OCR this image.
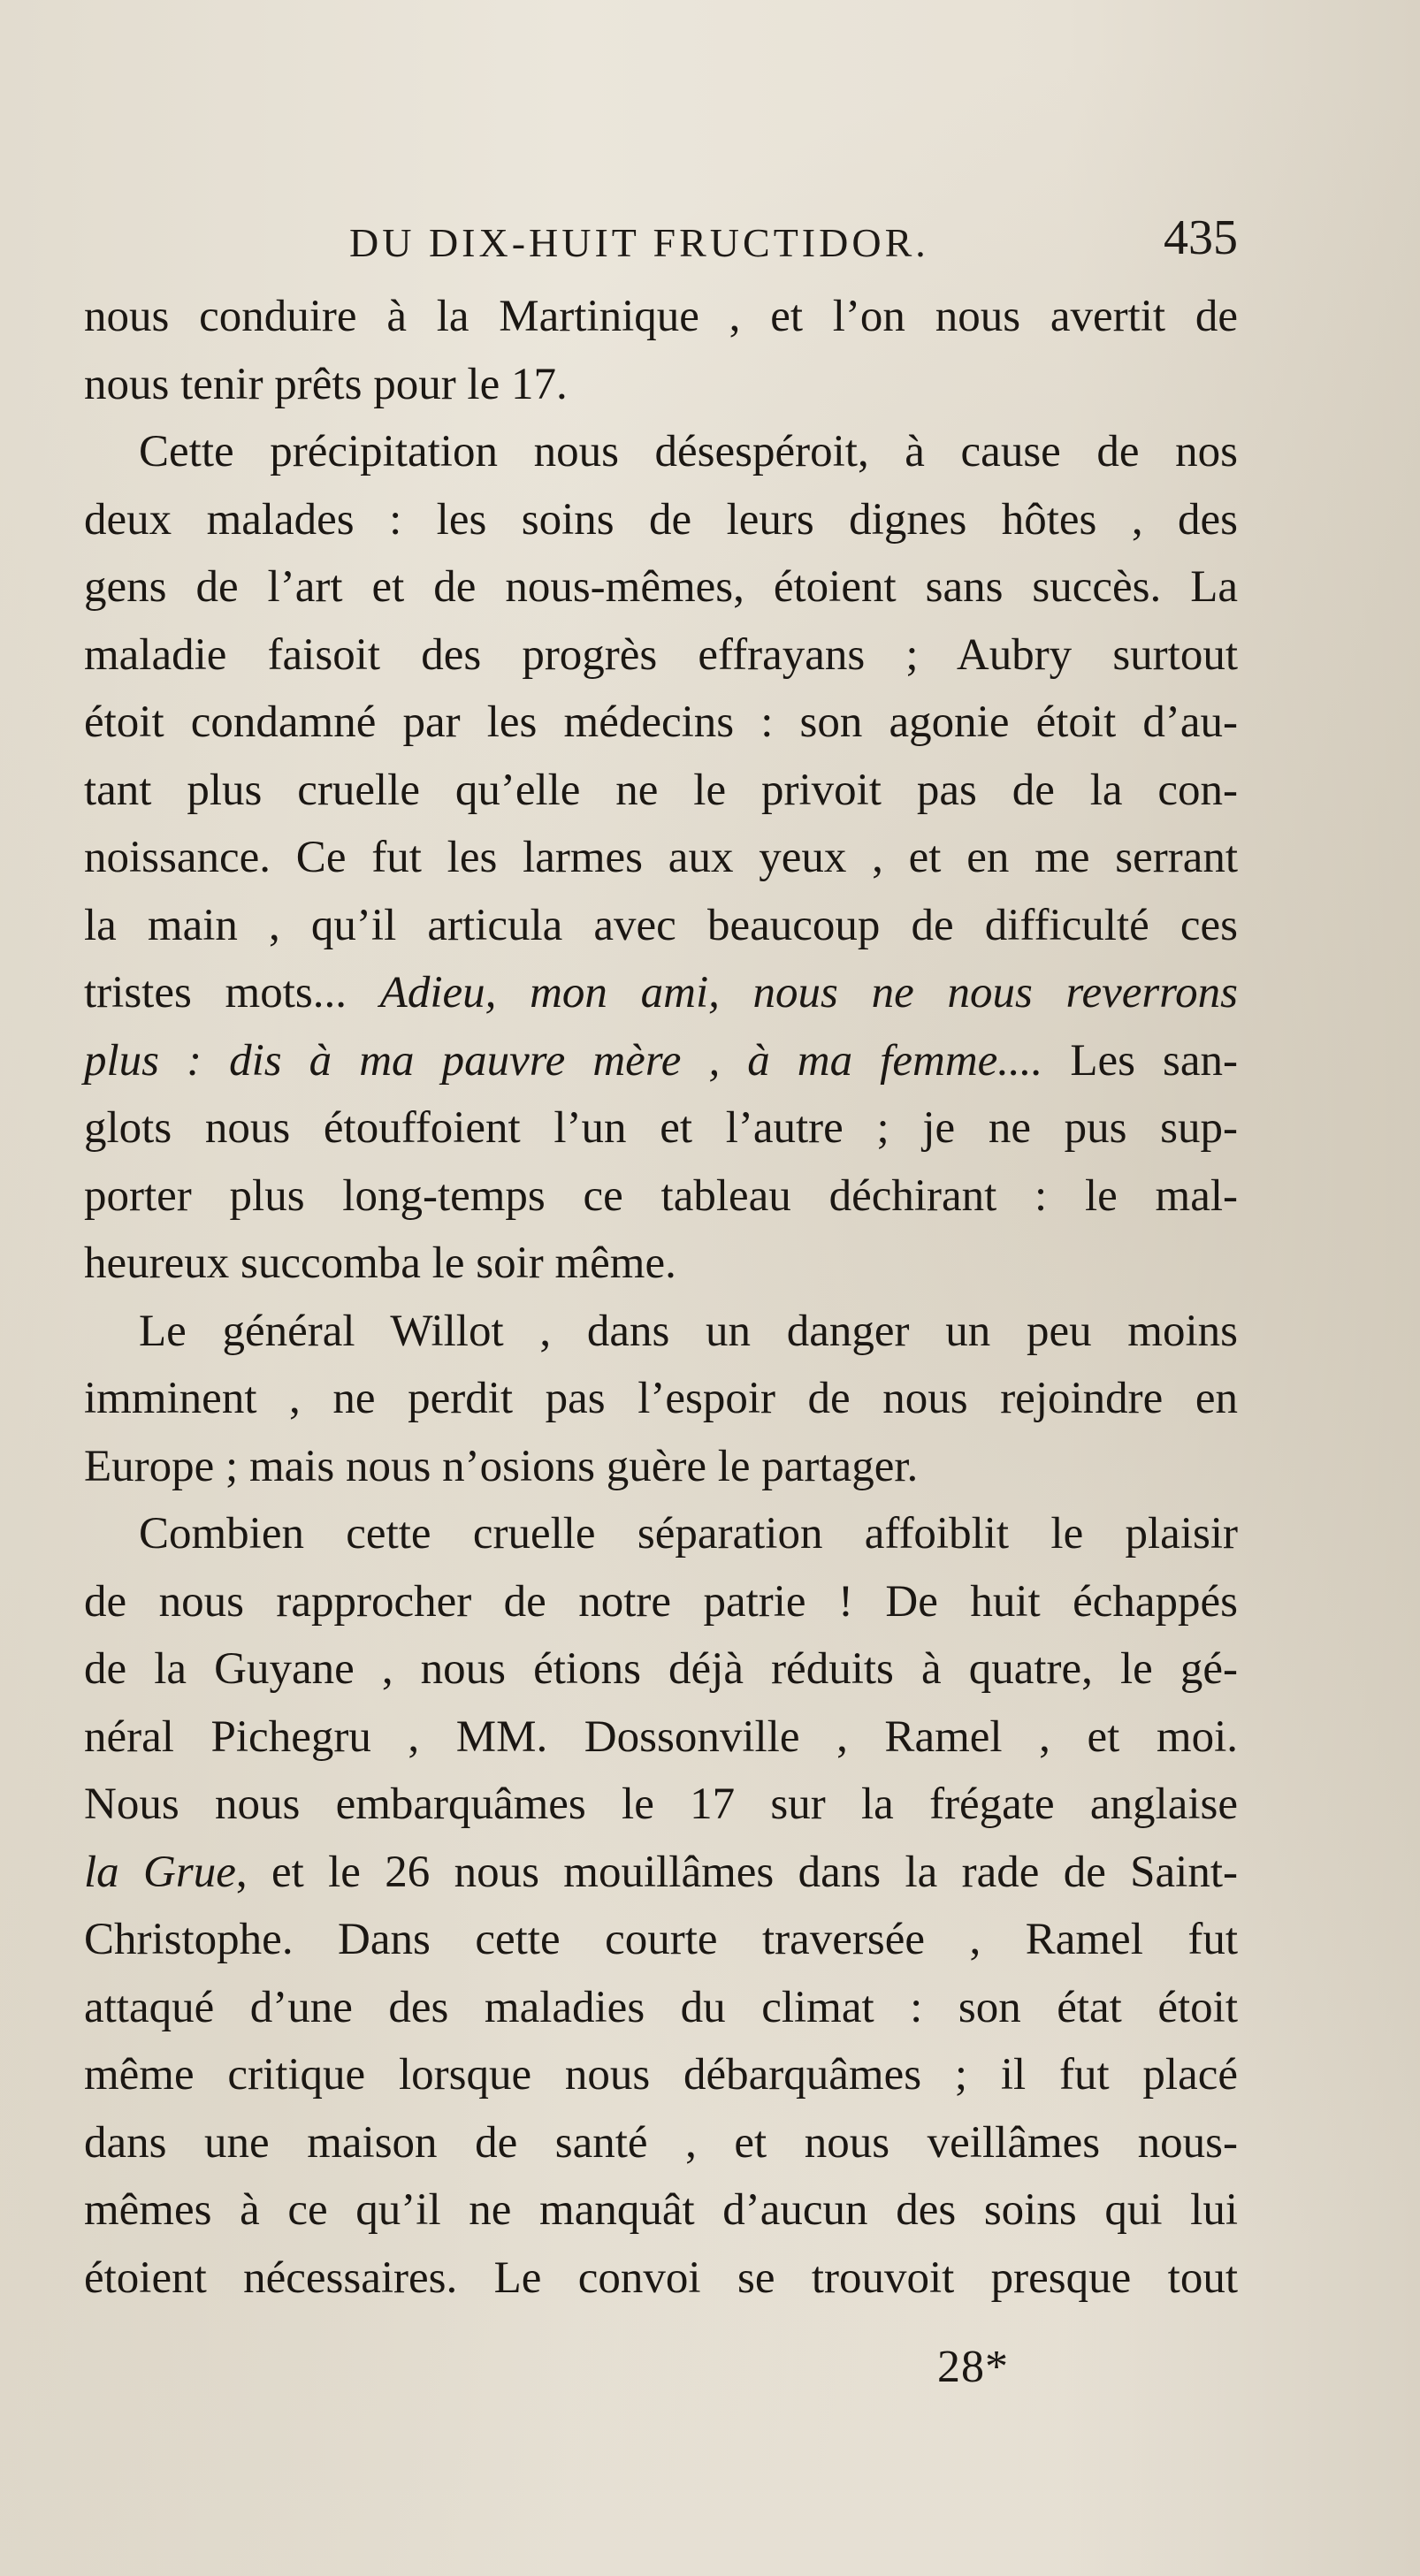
DU DIX-HUIT FRUCTIDOR.	435
nous conduire à la Martinique , et l’on nous avertit de
nous tenir prêts pour le 17.
Cette précipitation nous désespéroit, à cause de nos
deux malades : les soins de leurs dignes hôtes , des
gens de l’art et de nous-mêmes, étoient sans succès. La
maladie faisoit des progrès effrayans ; Aubry surtout
étoit condamné par les médecins : son agonie étoit d’au-
tant plus cruelle qu’elle ne le privoit pas de la con-
noissance. Ce fut les larmes aux yeux , et en me serrant
la main , qu’il articula avec beaucoup de difficulté ces
tristes mots... Adieu, mon ami, nous ne nous reverrons
plus : dis à ma pauvre mère , à ma femme.... Les san-
glots nous étouffoient l’un et l’autre ; je ne pus sup-
porter plus long-temps ce tableau déchirant : le mal-
heureux succomba le soir même.
Le général Willot , dans un danger un peu moins
imminent , ne perdit pas l’espoir de nous rejoindre en
Europe ; mais nous n’osions guère le partager.
Combien cette cruelle séparation affoiblit le plaisir
de nous rapprocher de notre patrie ! De huit échappés
de la Guyane , nous étions déjà réduits à quatre, le gé-
néral Pichegru , MM. Dossonville , Ramel , et moi.
Nous nous embarquâmes le 17 sur la frégate anglaise
la Grue, et le 26 nous mouillâmes dans la rade de Saint-
Christophe. Dans cette courte traversée , Ramel fut
attaqué d’une des maladies du climat : son état étoit
même critique lorsque nous débarquâmes ; il fut placé
dans une maison de santé , et nous veillâmes nous-
mêmes à ce qu’il ne manquât d’aucun des soins qui lui
étoient nécessaires. Le convoi se trouvoit presque tout
28*
